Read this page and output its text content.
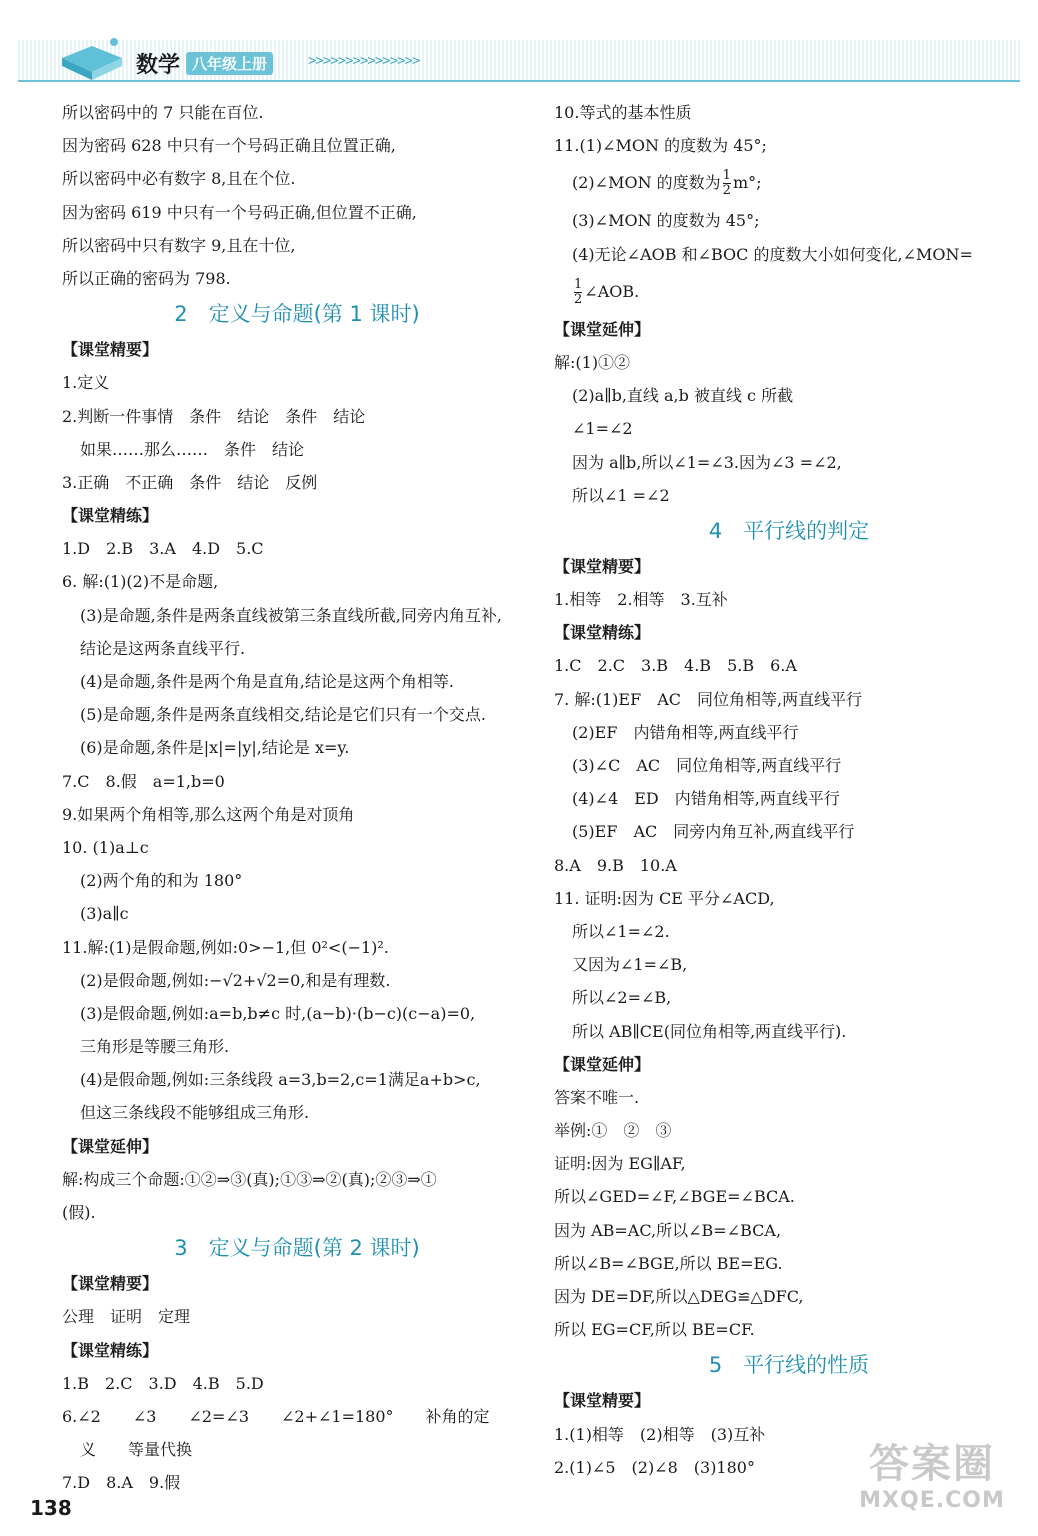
数学 八年级上册	>>>>>>>>>>>>>>>
所以密码中的 7 只能在百位.
因为密码 628 中只有一个号码正确且位置正确,
所以密码中必有数字 8,且在个位.
因为密码 619 中只有一个号码正确,但位置不正确,
所以密码中只有数字 9,且在十位,
所以正确的密码为 798.
2　定义与命题(第 1 课时)
【课堂精要】
1.定义
2.判断一件事情　条件　结论　条件　结论
如果……那么……　条件　结论
3.正确　不正确　条件　结论　反例
【课堂精练】
1.D　2.B　3.A　4.D　5.C
6. 解:(1)(2)不是命题,
(3)是命题,条件是两条直线被第三条直线所截,同旁内角互补,
结论是这两条直线平行.
(4)是命题,条件是两个角是直角,结论是这两个角相等.
(5)是命题,条件是两条直线相交,结论是它们只有一个交点.
(6)是命题,条件是|x|=|y|,结论是 x=y.
7.C　8.假　a=1,b=0
9.如果两个角相等,那么这两个角是对顶角
10. (1)a⊥c
(2)两个角的和为 180°
(3)a∥c
11.解:(1)是假命题,例如:0>−1,但 0²<(−1)².
(2)是假命题,例如:−√2+√2=0,和是有理数.
(3)是假命题,例如:a=b,b≠c 时,(a−b)·(b−c)(c−a)=0,
三角形是等腰三角形.
(4)是假命题,例如:三条线段 a=3,b=2,c=1满足a+b>c,
但这三条线段不能够组成三角形.
【课堂延伸】
解:构成三个命题:①②⇒③(真);①③⇒②(真);②③⇒①
(假).
3　定义与命题(第 2 课时)
【课堂精要】
公理　证明　定理
【课堂精练】
1.B　2.C　3.D　4.B　5.D
6.∠2　　∠3　　∠2=∠3　　∠2+∠1=180°　　补角的定
义　　等量代换
7.D　8.A　9.假
10.等式的基本性质
11.(1)∠MON 的度数为 45°;
(2)∠MON 的度数为 $\frac{1}{2} m^\circ$;
(3)∠MON 的度数为 45°;
(4)无论∠AOB 和∠BOC 的度数大小如何变化,∠MON=
$\frac{1}{2}$ ∠AOB.
【课堂延伸】
解:(1)①②
(2)a∥b,直线 a,b 被直线 c 所截
∠1=∠2
因为 a∥b,所以∠1=∠3.因为∠3 =∠2,
所以∠1 =∠2
4　平行线的判定
【课堂精要】
1.相等　2.相等　3.互补
【课堂精练】
1.C　2.C　3.B　4.B　5.B　6.A
7. 解:(1)EF　AC　同位角相等,两直线平行
(2)EF　内错角相等,两直线平行
(3)∠C　AC　同位角相等,两直线平行
(4)∠4　ED　内错角相等,两直线平行
(5)EF　AC　同旁内角互补,两直线平行
8.A　9.B　10.A
11. 证明:因为 CE 平分∠ACD,
所以∠1=∠2.
又因为∠1=∠B,
所以∠2=∠B,
所以 AB∥CE(同位角相等,两直线平行).
【课堂延伸】
答案不唯一.
举例:①　②　③
证明:因为 EG∥AF,
所以∠GED=∠F,∠BGE=∠BCA.
因为 AB=AC,所以∠B=∠BCA,
所以∠B=∠BGE,所以 BE=EG.
因为 DE=DF,所以△DEG≌△DFC,
所以 EG=CF,所以 BE=CF.
5　平行线的性质
【课堂精要】
1.(1)相等　(2)相等　(3)互补
2.(1)∠5　(2)∠8　(3)180°
138
答案圈
MXQE.COM
